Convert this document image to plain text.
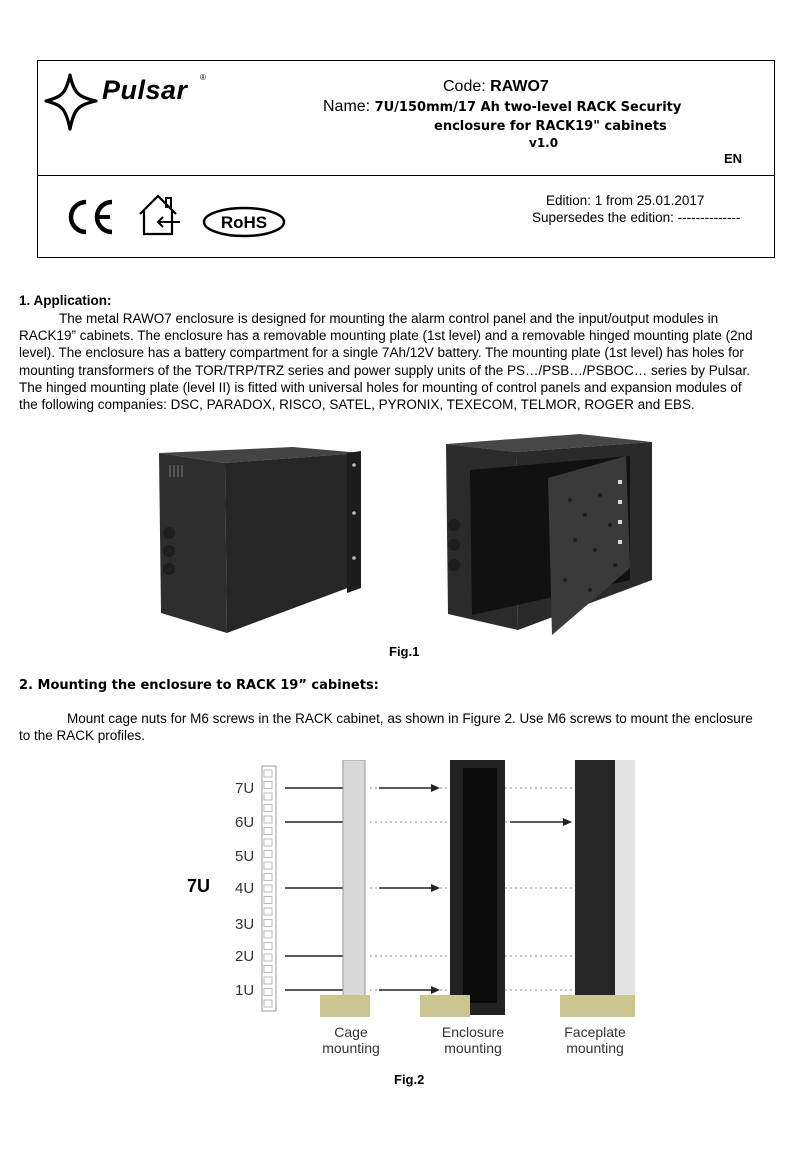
Pulsar ®
Code: RAWO7
Name: 7U/150mm/17 Ah two-level RACK Security
enclosure for RACK19" cabinets
v1.0
EN
RoHS
Edition: 1 from 25.01.2017
Supersedes the edition: --------------
1. Application:
The metal RAWO7 enclosure is designed for mounting the alarm control panel and the input/output modules in
RACK19” cabinets. The enclosure has a removable mounting plate (1st level) and a removable hinged mounting plate (2nd
level). The enclosure has a battery compartment for a single 7Ah/12V battery. The mounting plate (1st level) has holes for
mounting transformers of the TOR/TRP/TRZ series and power supply units of the PS…/PSB…/PSBOC… series by Pulsar.
The hinged mounting plate (level II) is fitted with universal holes for mounting of control panels and expansion modules of
the following companies: DSC, PARADOX, RISCO, SATEL, PYRONIX, TEXECOM, TELMOR, ROGER and EBS.
Fig.1
2. Mounting the enclosure to RACK 19” cabinets:
Mount cage nuts for M6 screws in the RACK cabinet, as shown in Figure 2. Use M6 screws to mount the enclosure
to the RACK profiles.
7U
7U
6U
5U
4U
3U
2U
1U
Cage
mounting
Enclosure
mounting
Faceplate
mounting
Fig.2
